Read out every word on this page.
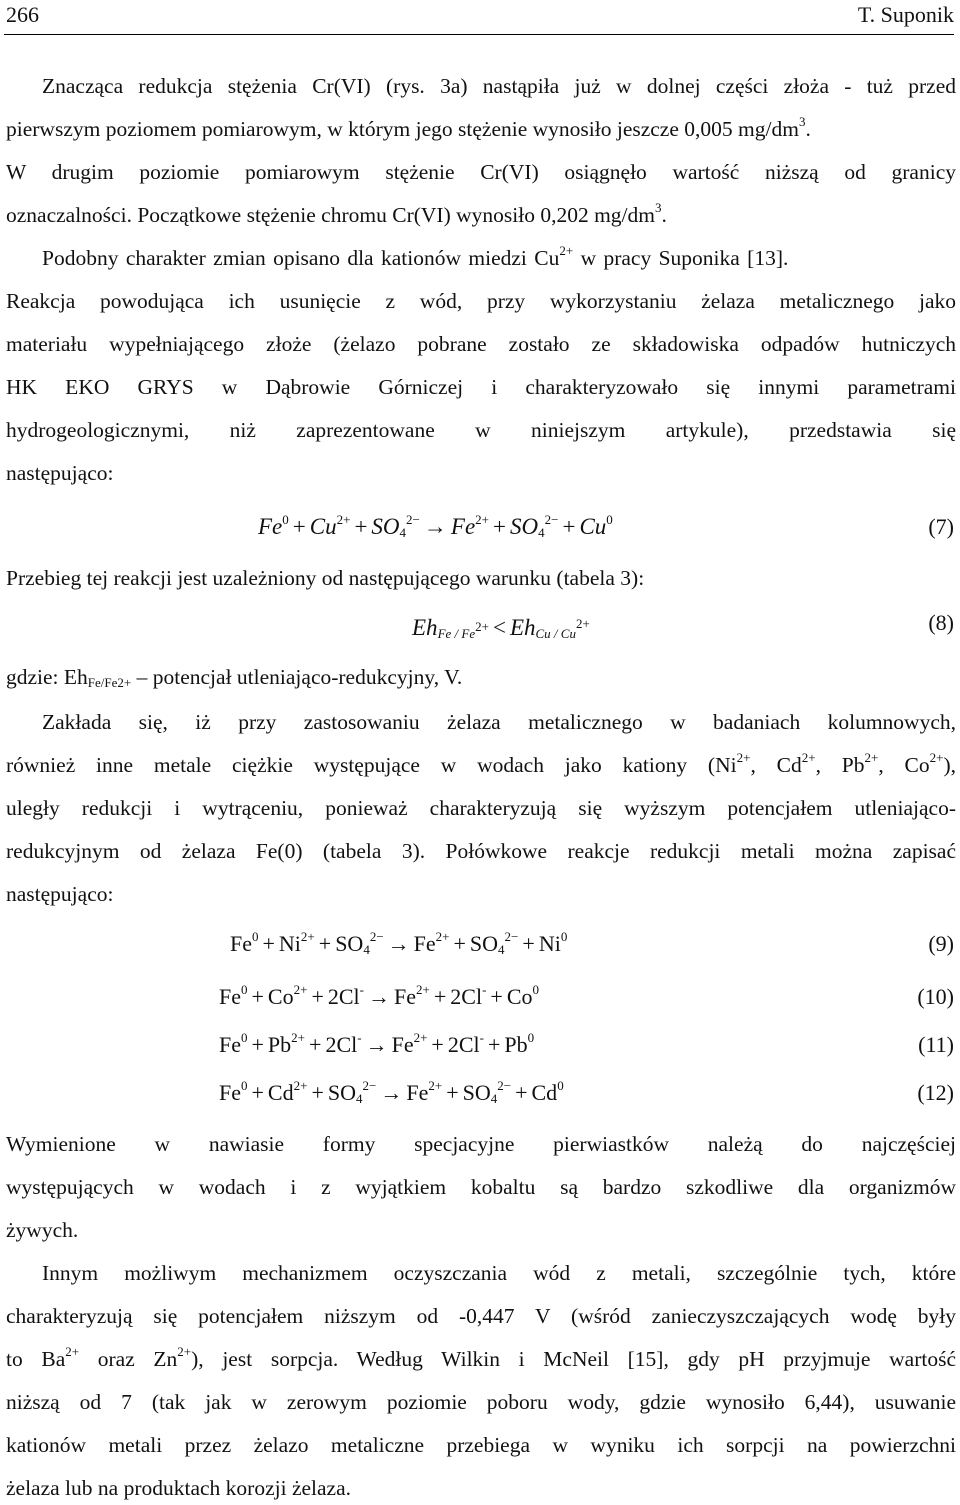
266	T. Suponik
Znacząca redukcja stężenia Cr(VI) (rys. 3a) nastąpiła już w dolnej części złoża - tuż przed
pierwszym poziomem pomiarowym, w którym jego stężenie wynosiło jeszcze 0,005 $mg/dm^3$.
W drugim poziomie pomiarowym stężenie Cr(VI) osiągnęło wartość niższą od granicy
oznaczalności. Początkowe stężenie chromu Cr(VI) wynosiło 0,202 $mg/dm^3$.
Podobny charakter zmian opisano dla kationów miedzi $Cu^{2+}$ w pracy Suponika [13].
Reakcja powodująca ich usunięcie z wód, przy wykorzystaniu żelaza metalicznego jako
materiału wypełniającego złoże (żelazo pobrane zostało ze składowiska odpadów hutniczych
HK EKO GRYS w Dąbrowie Górniczej i charakteryzowało się innymi parametrami
hydrogeologicznymi, niż zaprezentowane w niniejszym artykule), przedstawia się
następująco:
$Fe^0 + Cu^{2+} + SO_4^{2-} \to Fe^{2+} + SO_4^{2-} + Cu^0$	(7)
Przebieg tej reakcji jest uzależniony od następującego warunku (tabela 3):
$Eh_{Fe / Fe^{2+}} < Eh_{Cu / Cu^{2+}}$	(8)
gdzie: $Eh_{Fe/Fe2+}$ – potencjał utleniająco-redukcyjny, V.
Zakłada się, iż przy zastosowaniu żelaza metalicznego w badaniach kolumnowych,
również inne metale ciężkie występujące w wodach jako kationy ($Ni^{2+}$, $Cd^{2+}$, $Pb^{2+}$, $Co^{2+}$),
uległy redukcji i wytrąceniu, ponieważ charakteryzują się wyższym potencjałem utleniająco-
redukcyjnym od żelaza Fe(0) (tabela 3). Połówkowe reakcje redukcji metali można zapisać
następująco:
$Fe^0 + Ni^{2+} + SO_4^{2-} \to Fe^{2+} + SO_4^{2-} + Ni^0$	(9)
$Fe^0 + Co^{2+} + 2Cl^- \to Fe^{2+} + 2Cl^- + Co^0$	(10)
$Fe^0 + Pb^{2+} + 2Cl^- \to Fe^{2+} + 2Cl^- + Pb^0$	(11)
$Fe^0 + Cd^{2+} + SO_4^{2-} \to Fe^{2+} + SO_4^{2-} + Cd^0$	(12)
Wymienione w nawiasie formy specjacyjne pierwiastków należą do najczęściej
występujących w wodach i z wyjątkiem kobaltu są bardzo szkodliwe dla organizmów
żywych.
Innym możliwym mechanizmem oczyszczania wód z metali, szczególnie tych, które
charakteryzują się potencjałem niższym od -0,447 V (wśród zanieczyszczających wodę były
to $Ba^{2+}$ oraz $Zn^{2+}$), jest sorpcja. Według Wilkin i McNeil [15], gdy pH przyjmuje wartość
niższą od 7 (tak jak w zerowym poziomie poboru wody, gdzie wynosiło 6,44), usuwanie
kationów metali przez żelazo metaliczne przebiega w wyniku ich sorpcji na powierzchni
żelaza lub na produktach korozji żelaza.
